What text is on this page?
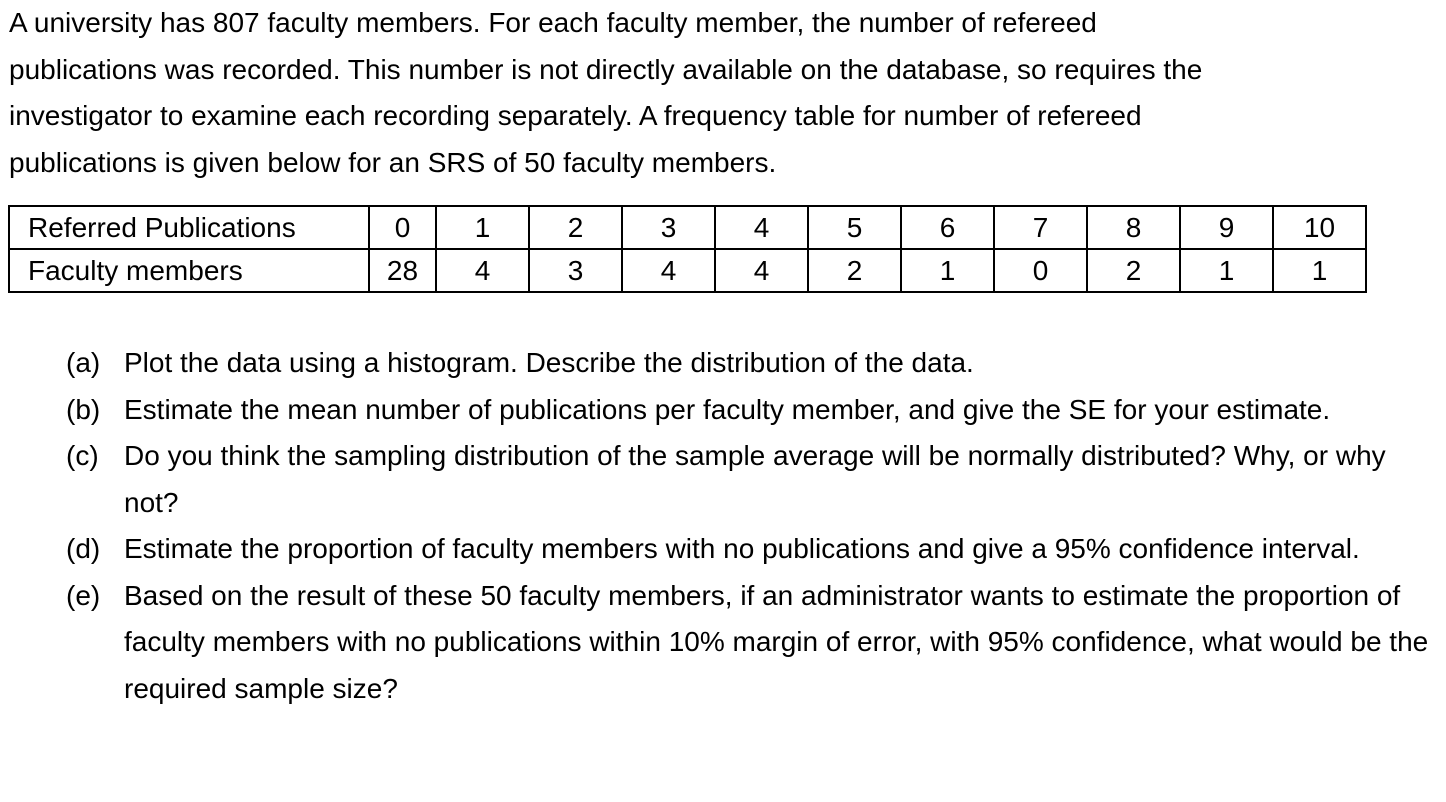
A university has 807 faculty members. For each faculty member, the number of refereed

publications was recorded. This number is not directly available on the database, so requires the

investigator to examine each recording separately. A frequency table for number of refereed

publications is given below for an SRS of 50 faculty members.

Referred Publications	0	1	2	3	4	5	6	7	8	9	10
Faculty members	28	4	3	4	4	2	1	0	2	1	1
(a) Plot the data using a histogram. Describe the distribution of the data.
(b) Estimate the mean number of publications per faculty member, and give the SE for your estimate.
(c) Do you think the sampling distribution of the sample average will be normally distributed? Why, or why not?
(d) Estimate the proportion of faculty members with no publications and give a 95% confidence interval.
(e) Based on the result of these 50 faculty members, if an administrator wants to estimate the proportion of faculty members with no publications within 10% margin of error, with 95% confidence, what would be the required sample size?
